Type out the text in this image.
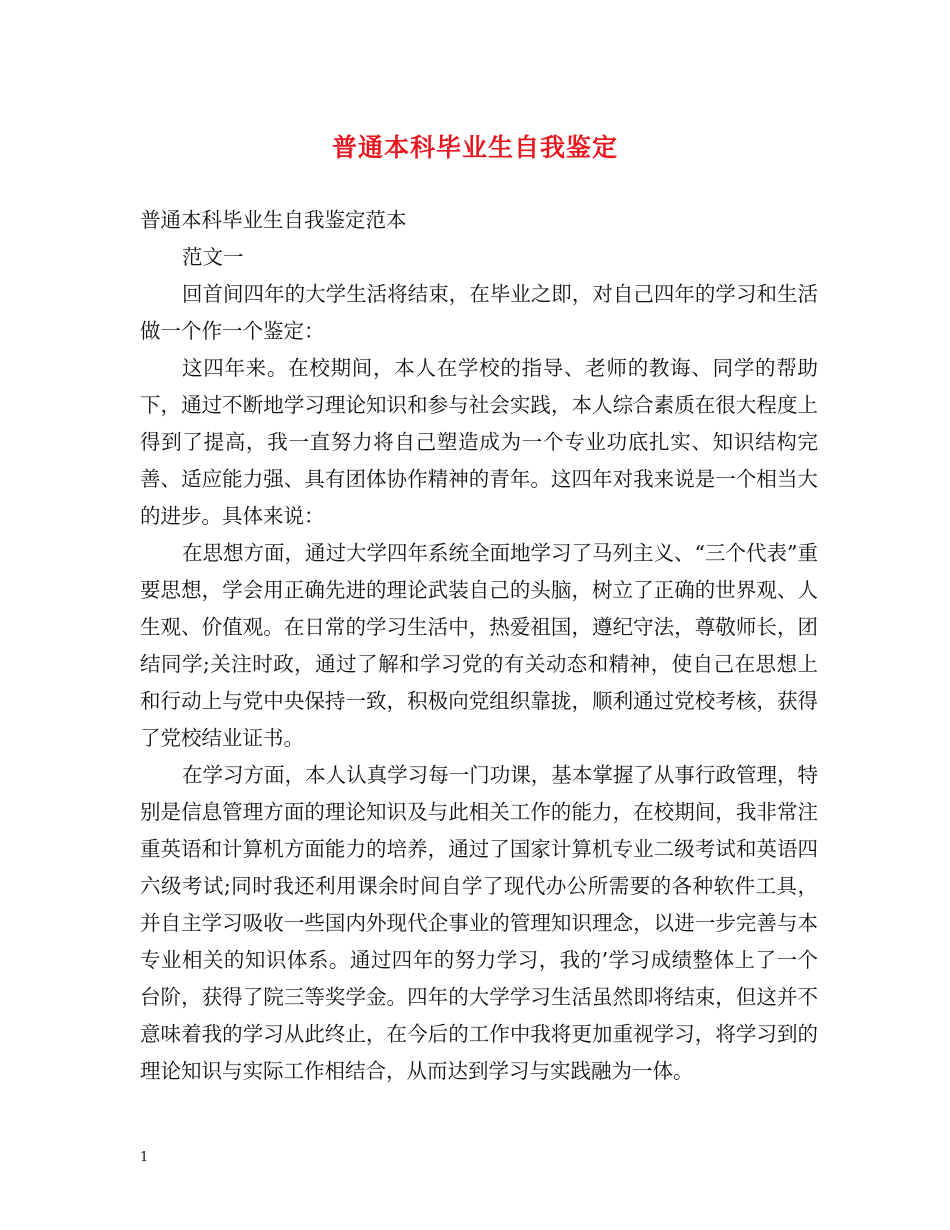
普通本科毕业生自我鉴定

普通本科毕业生自我鉴定范本

范文一

回首间四年的大学生活将结束，在毕业之即，对自己四年的学习和生活做一个作一个鉴定：

这四年来。在校期间，本人在学校的指导、老师的教诲、同学的帮助下，通过不断地学习理论知识和参与社会实践，本人综合素质在很大程度上得到了提高，我一直努力将自己塑造成为一个专业功底扎实、知识结构完善、适应能力强、具有团体协作精神的青年。这四年对我来说是一个相当大的进步。具体来说：

在思想方面，通过大学四年系统全面地学习了马列主义、“三个代表”重要思想，学会用正确先进的理论武装自己的头脑，树立了正确的世界观、人生观、价值观。在日常的学习生活中，热爱祖国，遵纪守法，尊敬师长，团结同学;关注时政，通过了解和学习党的有关动态和精神，使自己在思想上和行动上与党中央保持一致，积极向党组织靠拢，顺利通过党校考核，获得了党校结业证书。

在学习方面，本人认真学习每一门功课，基本掌握了从事行政管理，特别是信息管理方面的理论知识及与此相关工作的能力，在校期间，我非常注重英语和计算机方面能力的培养，通过了国家计算机专业二级考试和英语四六级考试;同时我还利用课余时间自学了现代办公所需要的各种软件工具，并自主学习吸收一些国内外现代企事业的管理知识理念，以进一步完善与本专业相关的知识体系。通过四年的努力学习，我的’学习成绩整体上了一个台阶，获得了院三等奖学金。四年的大学学习生活虽然即将结束，但这并不意味着我的学习从此终止，在今后的工作中我将更加重视学习，将学习到的理论知识与实际工作相结合，从而达到学习与实践融为一体。

1
